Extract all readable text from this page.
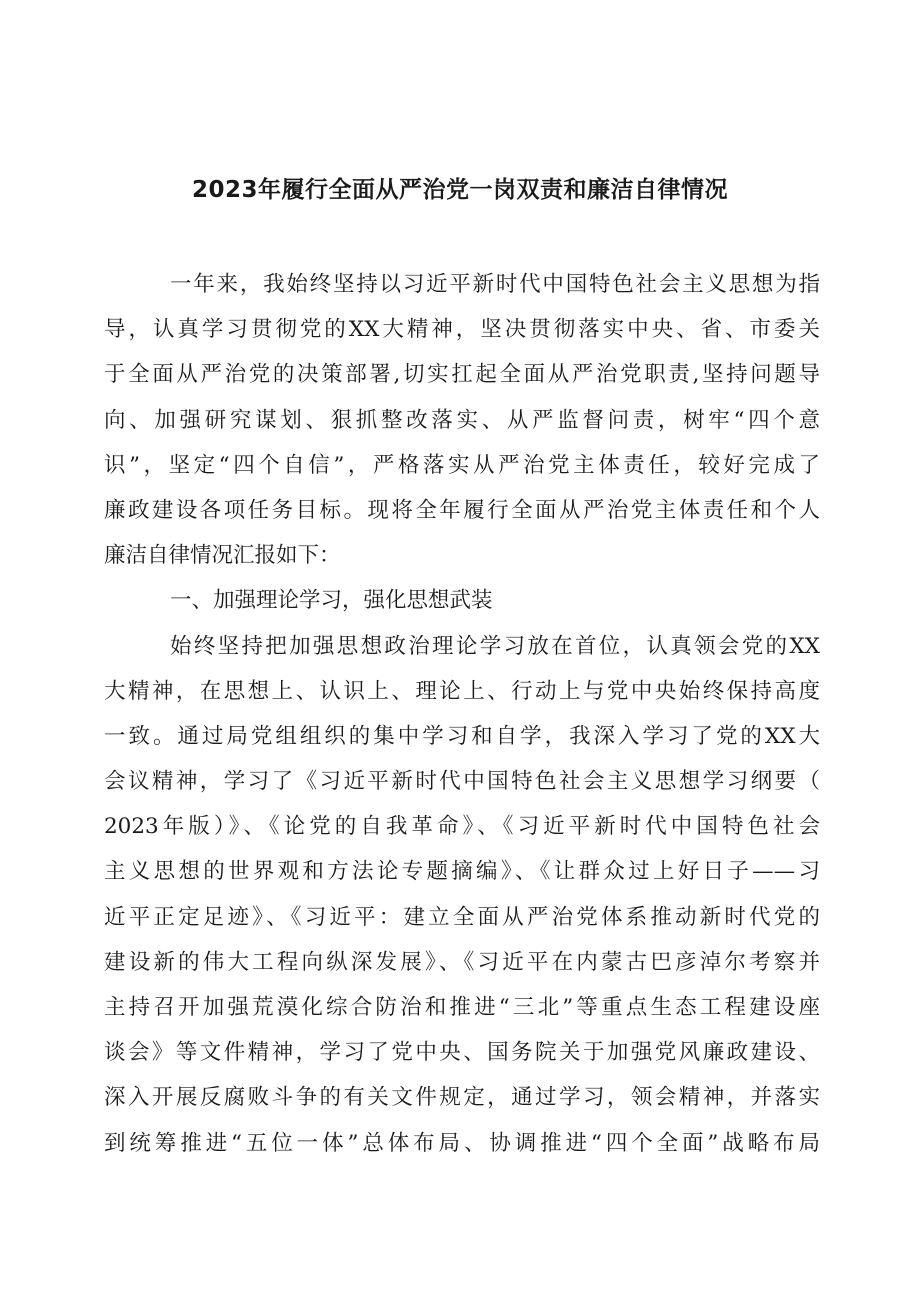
2023年履行全面从严治党一岗双责和廉洁自律情况
一年来，我始终坚持以习近平新时代中国特色社会主义思想为指
导，认真学习贯彻党的XX大精神，坚决贯彻落实中央、省、市委关
于全面从严治党的决策部署,切实扛起全面从严治党职责,坚持问题导
向、加强研究谋划、狠抓整改落实、从严监督问责，树牢“四个意
识”，坚定“四个自信”，严格落实从严治党主体责任，较好完成了
廉政建设各项任务目标。现将全年履行全面从严治党主体责任和个人
廉洁自律情况汇报如下：
一、加强理论学习，强化思想武装
始终坚持把加强思想政治理论学习放在首位，认真领会党的XX
大精神，在思想上、认识上、理论上、行动上与党中央始终保持高度
一致。通过局党组组织的集中学习和自学，我深入学习了党的XX大
会议精神，学习了《习近平新时代中国特色社会主义思想学习纲要（
2023年版）》、《论党的自我革命》、《习近平新时代中国特色社会
主义思想的世界观和方法论专题摘编》、《让群众过上好日子——习
近平正定足迹》、《习近平：建立全面从严治党体系推动新时代党的
建设新的伟大工程向纵深发展》、《习近平在内蒙古巴彦淖尔考察并
主持召开加强荒漠化综合防治和推进“三北”等重点生态工程建设座
谈会》等文件精神，学习了党中央、国务院关于加强党风廉政建设、
深入开展反腐败斗争的有关文件规定，通过学习，领会精神，并落实
到统筹推进“五位一体”总体布局、协调推进“四个全面”战略布局
